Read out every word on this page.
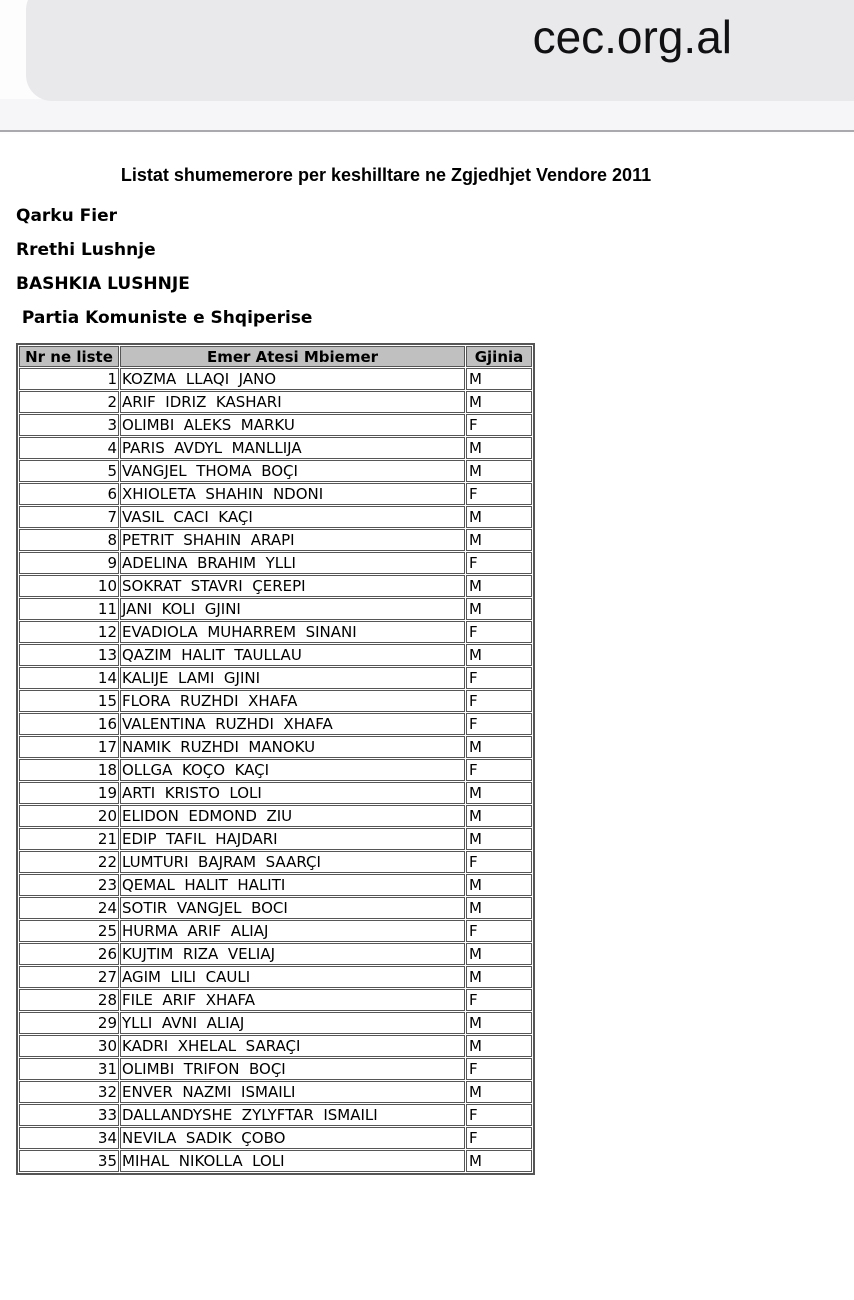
cec.org.al
Listat shumemerore per keshilltare ne Zgjedhjet Vendore 2011
Qarku Fier
Rrethi Lushnje
BASHKIA LUSHNJE
Partia Komuniste e Shqiperise
Nr ne liste	Emer Atesi Mbiemer	Gjinia
1	KOZMA  LLAQI  JANO	M
2	ARIF  IDRIZ  KASHARI	M
3	OLIMBI  ALEKS  MARKU	F
4	PARIS  AVDYL  MANLLIJA	M
5	VANGJEL  THOMA  BOÇI	M
6	XHIOLETA  SHAHIN  NDONI	F
7	VASIL  CACI  KAÇI	M
8	PETRIT  SHAHIN  ARAPI	M
9	ADELINA  BRAHIM  YLLI	F
10	SOKRAT  STAVRI  ÇEREPI	M
11	JANI  KOLI  GJINI	M
12	EVADIOLA  MUHARREM  SINANI	F
13	QAZIM  HALIT  TAULLAU	M
14	KALIJE  LAMI  GJINI	F
15	FLORA  RUZHDI  XHAFA	F
16	VALENTINA  RUZHDI  XHAFA	F
17	NAMIK  RUZHDI  MANOKU	M
18	OLLGA  KOÇO  KAÇI	F
19	ARTI  KRISTO  LOLI	M
20	ELIDON  EDMOND  ZIU	M
21	EDIP  TAFIL  HAJDARI	M
22	LUMTURI  BAJRAM  SAARÇI	F
23	QEMAL  HALIT  HALITI	M
24	SOTIR  VANGJEL  BOCI	M
25	HURMA  ARIF  ALIAJ	F
26	KUJTIM  RIZA  VELIAJ	M
27	AGIM  LILI  CAULI	M
28	FILE  ARIF  XHAFA	F
29	YLLI  AVNI  ALIAJ	M
30	KADRI  XHELAL  SARAÇI	M
31	OLIMBI  TRIFON  BOÇI	F
32	ENVER  NAZMI  ISMAILI	M
33	DALLANDYSHE  ZYLYFTAR  ISMAILI	F
34	NEVILA  SADIK  ÇOBO	F
35	MIHAL  NIKOLLA  LOLI	M
